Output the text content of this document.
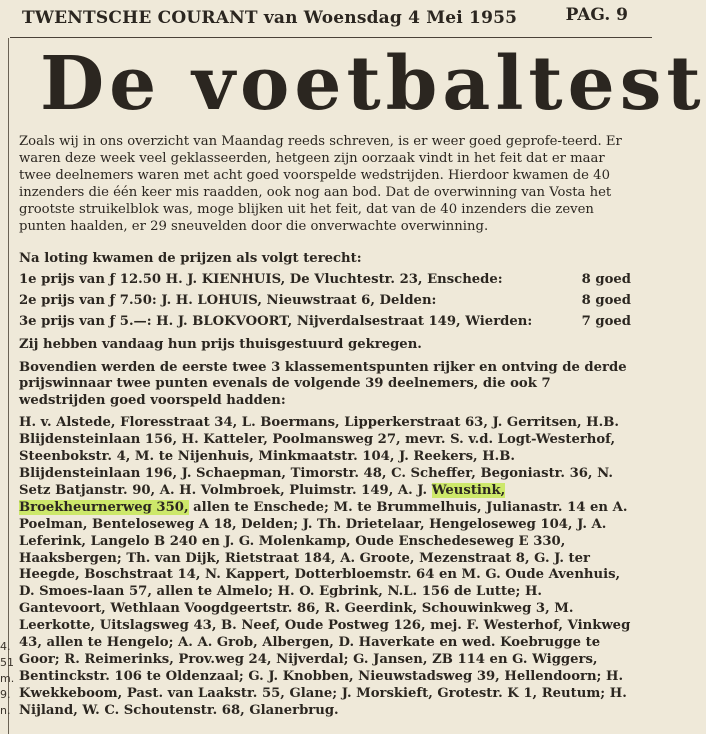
TWENTSCHE COURANT van Woensdag 4 Mei 1955	PAG. 9
4.
51
m.
9.
n.
De voetbaltest

Zoals wij in ons overzicht van Maandag reeds schreven, is er weer goed geprofe-teerd. Er waren deze week veel geklasseerden, hetgeen zijn oorzaak vindt in het feit dat er maar twee deelnemers waren met acht goed voorspelde wedstrijden. Hierdoor kwamen de 40 inzenders die één keer mis raadden, ook nog aan bod. Dat de overwinning van Vosta het grootste struikelblok was, moge blijken uit het feit, dat van de 40 inzenders die zeven punten haalden, er 29 sneuvelden door die onverwachte overwinning.

Na loting kwamen de prijzen als volgt terecht:

1e prijs van ƒ 12.50 H. J. KIENHUIS, De Vluchtestr. 23, Enschede:	8 goed

2e prijs van ƒ 7.50: J. H. LOHUIS, Nieuwstraat 6, Delden:	8 goed

3e prijs van ƒ 5.—: H. J. BLOKVOORT, Nijverdalsestraat 149, Wierden:	7 goed

Zij hebben vandaag hun prijs thuisgestuurd gekregen.

Bovendien werden de eerste twee 3 klassementspunten rijker en ontving de derde prijswinnaar twee punten evenals de volgende 39 deelnemers, die ook 7 wedstrijden goed voorspeld hadden:

H. v. Alstede, Floresstraat 34, L. Boermans, Lipperkerstraat 63, J. Gerritsen, H.B. Blijdensteinlaan 156, H. Katteler, Poolmansweg 27, mevr. S. v.d. Logt-Westerhof, Steenbokstr. 4, M. te Nijenhuis, Minkmaatstr. 104, J. Reekers, H.B. Blijdensteinlaan 196, J. Schaepman, Timorstr. 48, C. Scheffer, Begoniastr. 36, N. Setz Batjanstr. 90, A. H. Volmbroek, Pluimstr. 149, A. J. Weustink, Broekheurnerweg 350, allen te Enschede; M. te Brummelhuis, Julianastr. 14 en A. Poelman, Benteloseweg A 18, Delden; J. Th. Drietelaar, Hengeloseweg 104, J. A. Leferink, Langelo B 240 en J. G. Molenkamp, Oude Enschedeseweg E 330, Haaksbergen; Th. van Dijk, Rietstraat 184, A. Groote, Mezenstraat 8, G. J. ter Heegde, Boschstraat 14, N. Kappert, Dotterbloemstr. 64 en M. G. Oude Avenhuis, D. Smoes-laan 57, allen te Almelo; H. O. Egbrink, N.L. 156 de Lutte; H. Gantevoort, Wethlaan Voogdgeertstr. 86, R. Geerdink, Schouwinkweg 3, M. Leerkotte, Uitslagsweg 43, B. Neef, Oude Postweg 126, mej. F. Westerhof, Vinkweg 43, allen te Hengelo; A. A. Grob, Albergen, D. Haverkate en wed. Koebrugge te Goor; R. Reimerinks, Prov.weg 24, Nijverdal; G. Jansen, ZB 114 en G. Wiggers, Bentinckstr. 106 te Oldenzaal; G. J. Knobben, Nieuwstadsweg 39, Hellendoorn; H. Kwekkeboom, Past. van Laakstr. 55, Glane; J. Morskieft, Grotestr. K 1, Reutum; H. Nijland, W. C. Schoutenstr. 68, Glanerbrug.
